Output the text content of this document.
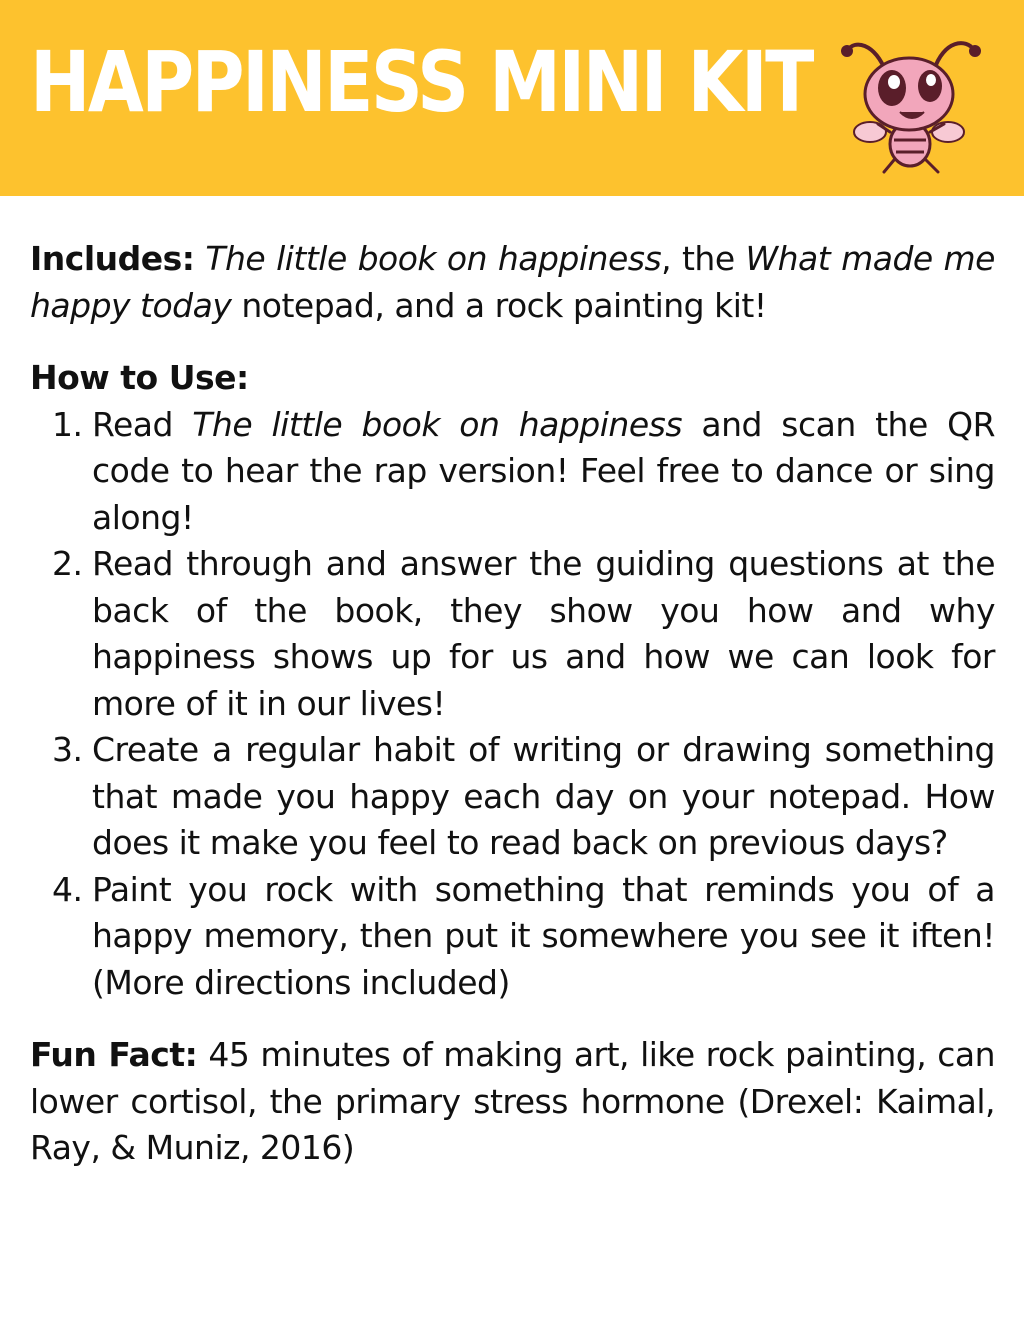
HAPPINESS MINI KIT

Includes: The little book on happiness, the What made me happy today notepad, and a rock painting kit!

How to Use:

1. Read The little book on happiness and scan the QR code to hear the rap version! Feel free to dance or sing along!
2. Read through and answer the guiding questions at the back of the book, they show you how and why happiness shows up for us and how we can look for more of it in our lives!
3. Create a regular habit of writing or drawing something that made you happy each day on your notepad. How does it make you feel to read back on previous days?
4. Paint you rock with something that reminds you of a happy memory, then put it somewhere you see it iften! (More directions included)

Fun Fact: 45 minutes of making art, like rock painting, can lower cortisol, the primary stress hormone (Drexel: Kaimal, Ray, & Muniz, 2016)
